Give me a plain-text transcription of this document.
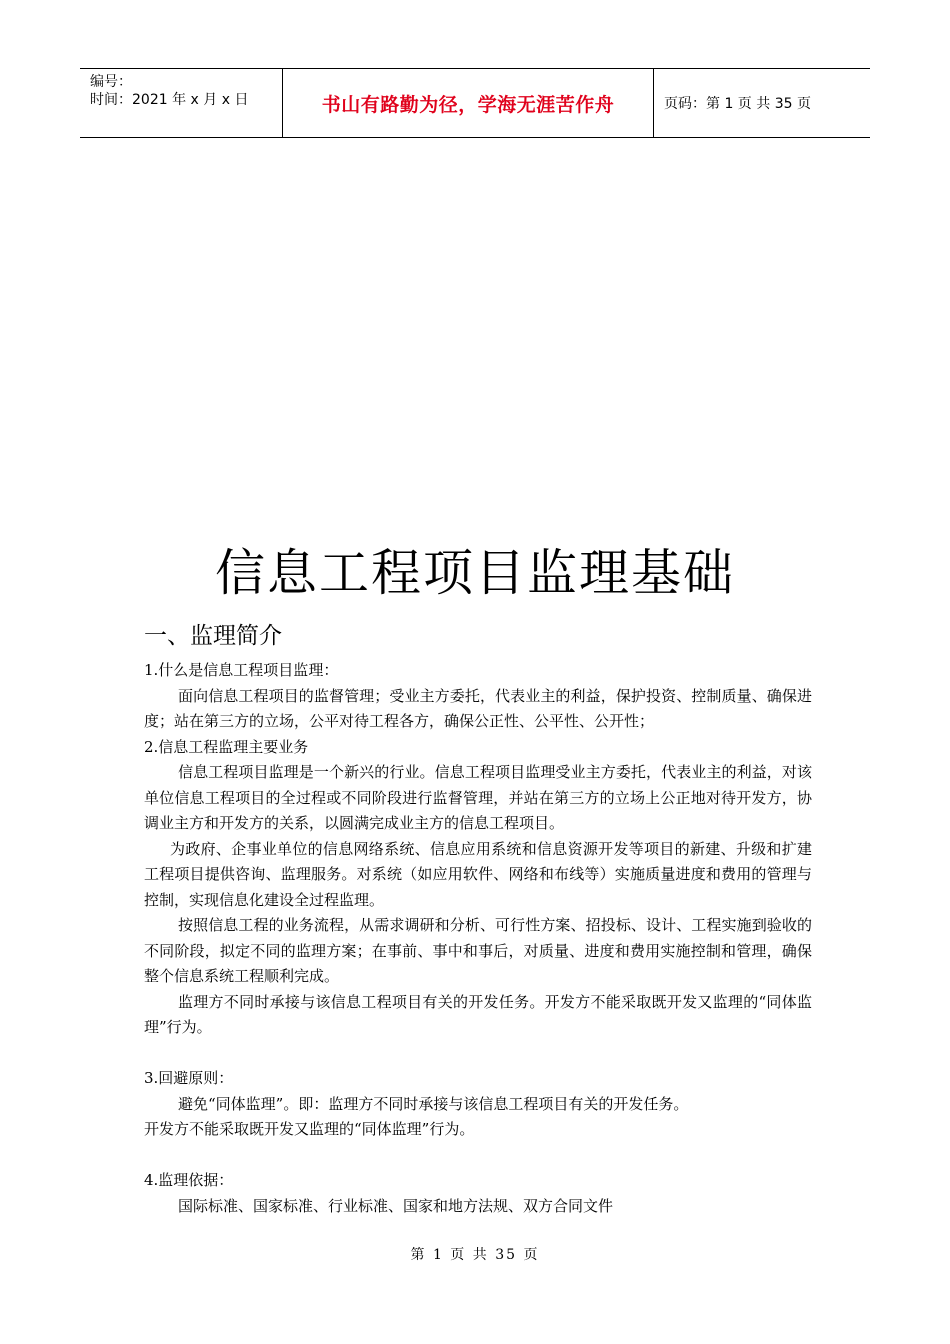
编号：
时间：2021 年 x 月 x 日	书山有路勤为径，学海无涯苦作舟	页码：第 1 页 共 35 页
信息工程项目监理基础
一、监理简介

1.什么是信息工程项目监理：

面向信息工程项目的监督管理；受业主方委托，代表业主的利益，保护投资、控制质量、确保进度；站在第三方的立场，公平对待工程各方，确保公正性、公平性、公开性；

2.信息工程监理主要业务

信息工程项目监理是一个新兴的行业。信息工程项目监理受业主方委托，代表业主的利益，对该单位信息工程项目的全过程或不同阶段进行监督管理，并站在第三方的立场上公正地对待开发方，协调业主方和开发方的关系，以圆满完成业主方的信息工程项目。

为政府、企事业单位的信息网络系统、信息应用系统和信息资源开发等项目的新建、升级和扩建工程项目提供咨询、监理服务。对系统（如应用软件、网络和布线等）实施质量进度和费用的管理与控制，实现信息化建设全过程监理。

按照信息工程的业务流程，从需求调研和分析、可行性方案、招投标、设计、工程实施到验收的不同阶段，拟定不同的监理方案；在事前、事中和事后，对质量、进度和费用实施控制和管理，确保整个信息系统工程顺利完成。

监理方不同时承接与该信息工程项目有关的开发任务。开发方不能采取既开发又监理的“同体监理”行为。

3.回避原则：

避免“同体监理”。即：监理方不同时承接与该信息工程项目有关的开发任务。

开发方不能采取既开发又监理的“同体监理”行为。

4.监理依据：

国际标准、国家标准、行业标准、国家和地方法规、双方合同文件

第 1 页 共 35 页
